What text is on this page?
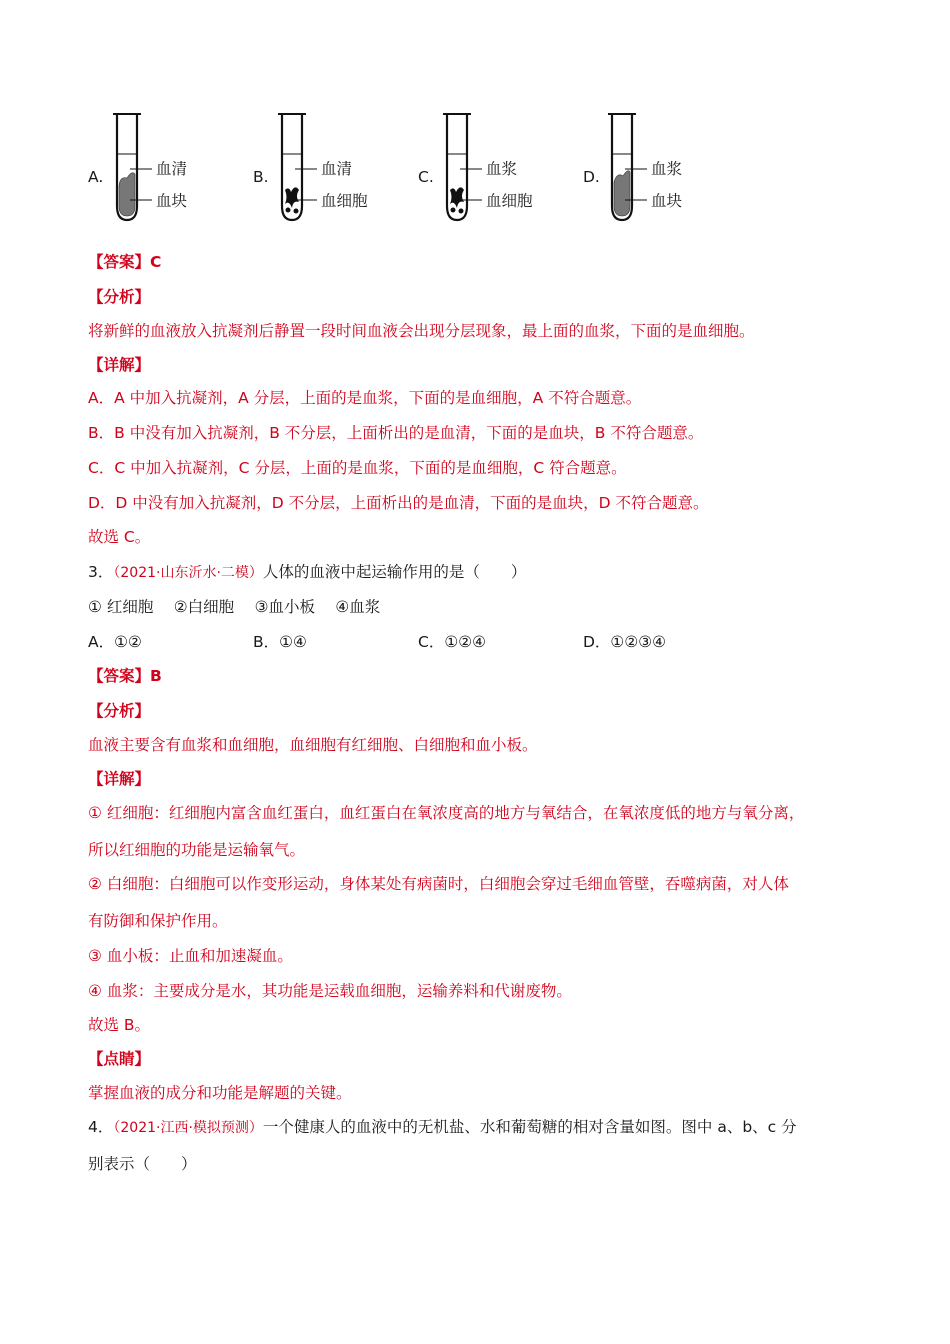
A.	血清
血块
B.	血清
血细胞
C.	血浆
血细胞
D.	血浆
血块
【答案】C
【分析】
将新鲜的血液放入抗凝剂后静置一段时间血液会出现分层现象，最上面的血浆，下面的是血细胞。
【详解】
A．A 中加入抗凝剂，A 分层，上面的是血浆，下面的是血细胞，A 不符合题意。
B．B 中没有加入抗凝剂，B 不分层，上面析出的是血清，下面的是血块，B 不符合题意。
C．C 中加入抗凝剂，C 分层，上面的是血浆，下面的是血细胞，C 符合题意。
D．D 中没有加入抗凝剂，D 不分层，上面析出的是血清，下面的是血块，D 不符合题意。
故选 C。
3．（2021·山东沂水·二模）人体的血液中起运输作用的是（　　）
① 红细胞　 ②白细胞　 ③血小板　 ④血浆
A．①②	B．①④	C．①②④	D．①②③④
【答案】B
【分析】
血液主要含有血浆和血细胞，血细胞有红细胞、白细胞和血小板。
【详解】
① 红细胞：红细胞内富含血红蛋白，血红蛋白在氧浓度高的地方与氧结合，在氧浓度低的地方与氧分离，
所以红细胞的功能是运输氧气。
② 白细胞：白细胞可以作变形运动，身体某处有病菌时，白细胞会穿过毛细血管壁，吞噬病菌，对人体
有防御和保护作用。
③ 血小板：止血和加速凝血。
④ 血浆：主要成分是水，其功能是运载血细胞，运输养料和代谢废物。
故选 B。
【点睛】
掌握血液的成分和功能是解题的关键。
4．（2021·江西·模拟预测）一个健康人的血液中的无机盐、水和葡萄糖的相对含量如图。图中 a、b、c 分
别表示（　　）
